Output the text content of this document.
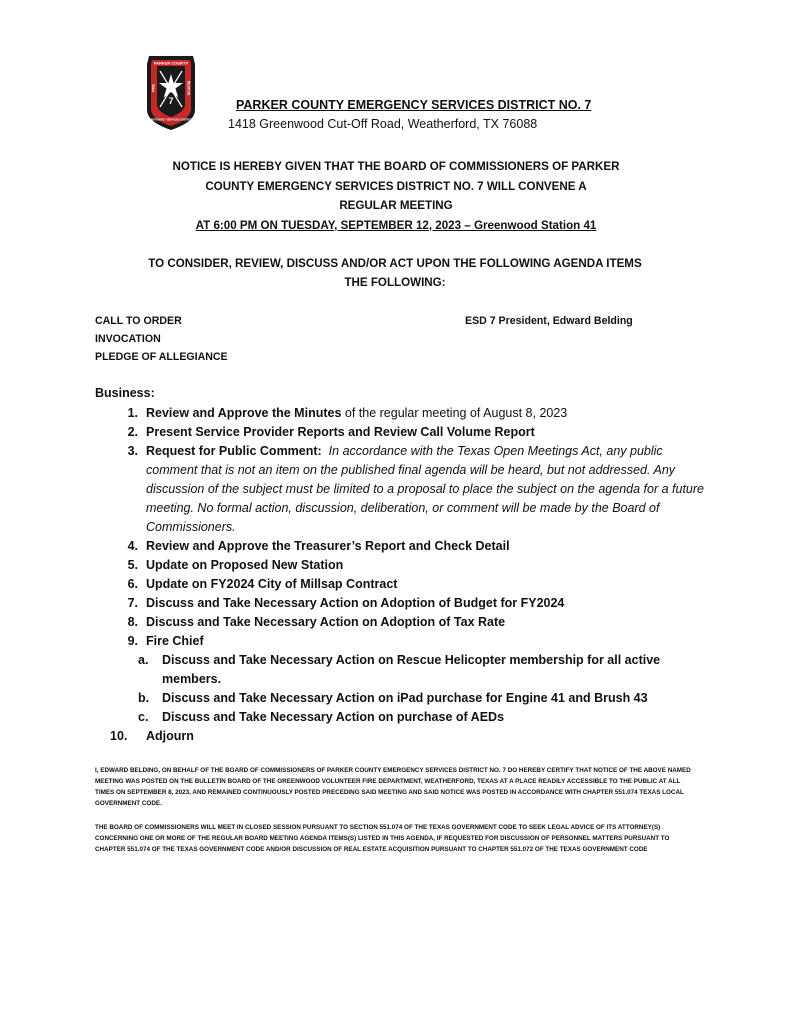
PARKER COUNTY
FIRE	RESCUE
7
EMERGENCY SERVICES DISTRICT
PARKER COUNTY EMERGENCY SERVICES DISTRICT NO. 7
1418 Greenwood Cut-Off Road, Weatherford, TX 76088
NOTICE IS HEREBY GIVEN THAT THE BOARD OF COMMISSIONERS OF PARKER
COUNTY EMERGENCY SERVICES DISTRICT NO. 7 WILL CONVENE A
REGULAR MEETING
AT 6:00 PM ON TUESDAY, SEPTEMBER 12, 2023 – Greenwood Station 41
TO CONSIDER, REVIEW, DISCUSS AND/OR ACT UPON THE FOLLOWING AGENDA ITEMS
THE FOLLOWING:
CALL TO ORDER
INVOCATION
PLEDGE OF ALLEGIANCE
ESD 7 President, Edward Belding
Business:
1. Review and Approve the Minutes of the regular meeting of August 8, 2023
2. Present Service Provider Reports and Review Call Volume Report
3. Request for Public Comment: In accordance with the Texas Open Meetings Act, any public comment that is not an item on the published final agenda will be heard, but not addressed. Any discussion of the subject must be limited to a proposal to place the subject on the agenda for a future meeting. No formal action, discussion, deliberation, or comment will be made by the Board of Commissioners.
4. Review and Approve the Treasurer’s Report and Check Detail
5. Update on Proposed New Station
6. Update on FY2024 City of Millsap Contract
7. Discuss and Take Necessary Action on Adoption of Budget for FY2024
8. Discuss and Take Necessary Action on Adoption of Tax Rate
9. Fire Chief
a.	Discuss and Take Necessary Action on Rescue Helicopter membership for all active members.
b.	Discuss and Take Necessary Action on iPad purchase for Engine 41 and Brush 43
c.	Discuss and Take Necessary Action on purchase of AEDs
10.	Adjourn
I, EDWARD BELDING, ON BEHALF OF THE BOARD OF COMMISSIONERS OF PARKER COUNTY EMERGENCY SERVICES DISTRICT NO. 7 DO HEREBY CERTIFY THAT NOTICE OF THE ABOVE NAMED MEETING WAS POSTED ON THE BULLETIN BOARD OF THE GREENWOOD VOLUNTEER FIRE DEPARTMENT, WEATHERFORD, TEXAS AT A PLACE READILY ACCESSIBLE TO THE PUBLIC AT ALL TIMES ON SEPTEMBER 8, 2023, AND REMAINED CONTINUOUSLY POSTED PRECEDING SAID MEETING AND SAID NOTICE WAS POSTED IN ACCORDANCE WITH CHAPTER 551.074 TEXAS LOCAL GOVERNMENT CODE.
THE BOARD OF COMMISSIONERS WILL MEET IN CLOSED SESSION PURSUANT TO SECTION 551.074 OF THE TEXAS GOVERNMENT CODE TO SEEK LEGAL ADVICE OF ITS ATTORNEY(S) CONCERNING ONE OR MORE OF THE REGULAR BOARD MEETING AGENDA ITEMS(S) LISTED IN THIS AGENDA, IF REQUESTED FOR DISCUSSION OF PERSONNEL MATTERS PURSUANT TO CHAPTER 551.074 OF THE TEXAS GOVERNMENT CODE AND/OR DISCUSSION OF REAL ESTATE ACQUISITION PURSUANT TO CHAPTER 551.072 OF THE TEXAS GOVERNMENT CODE
